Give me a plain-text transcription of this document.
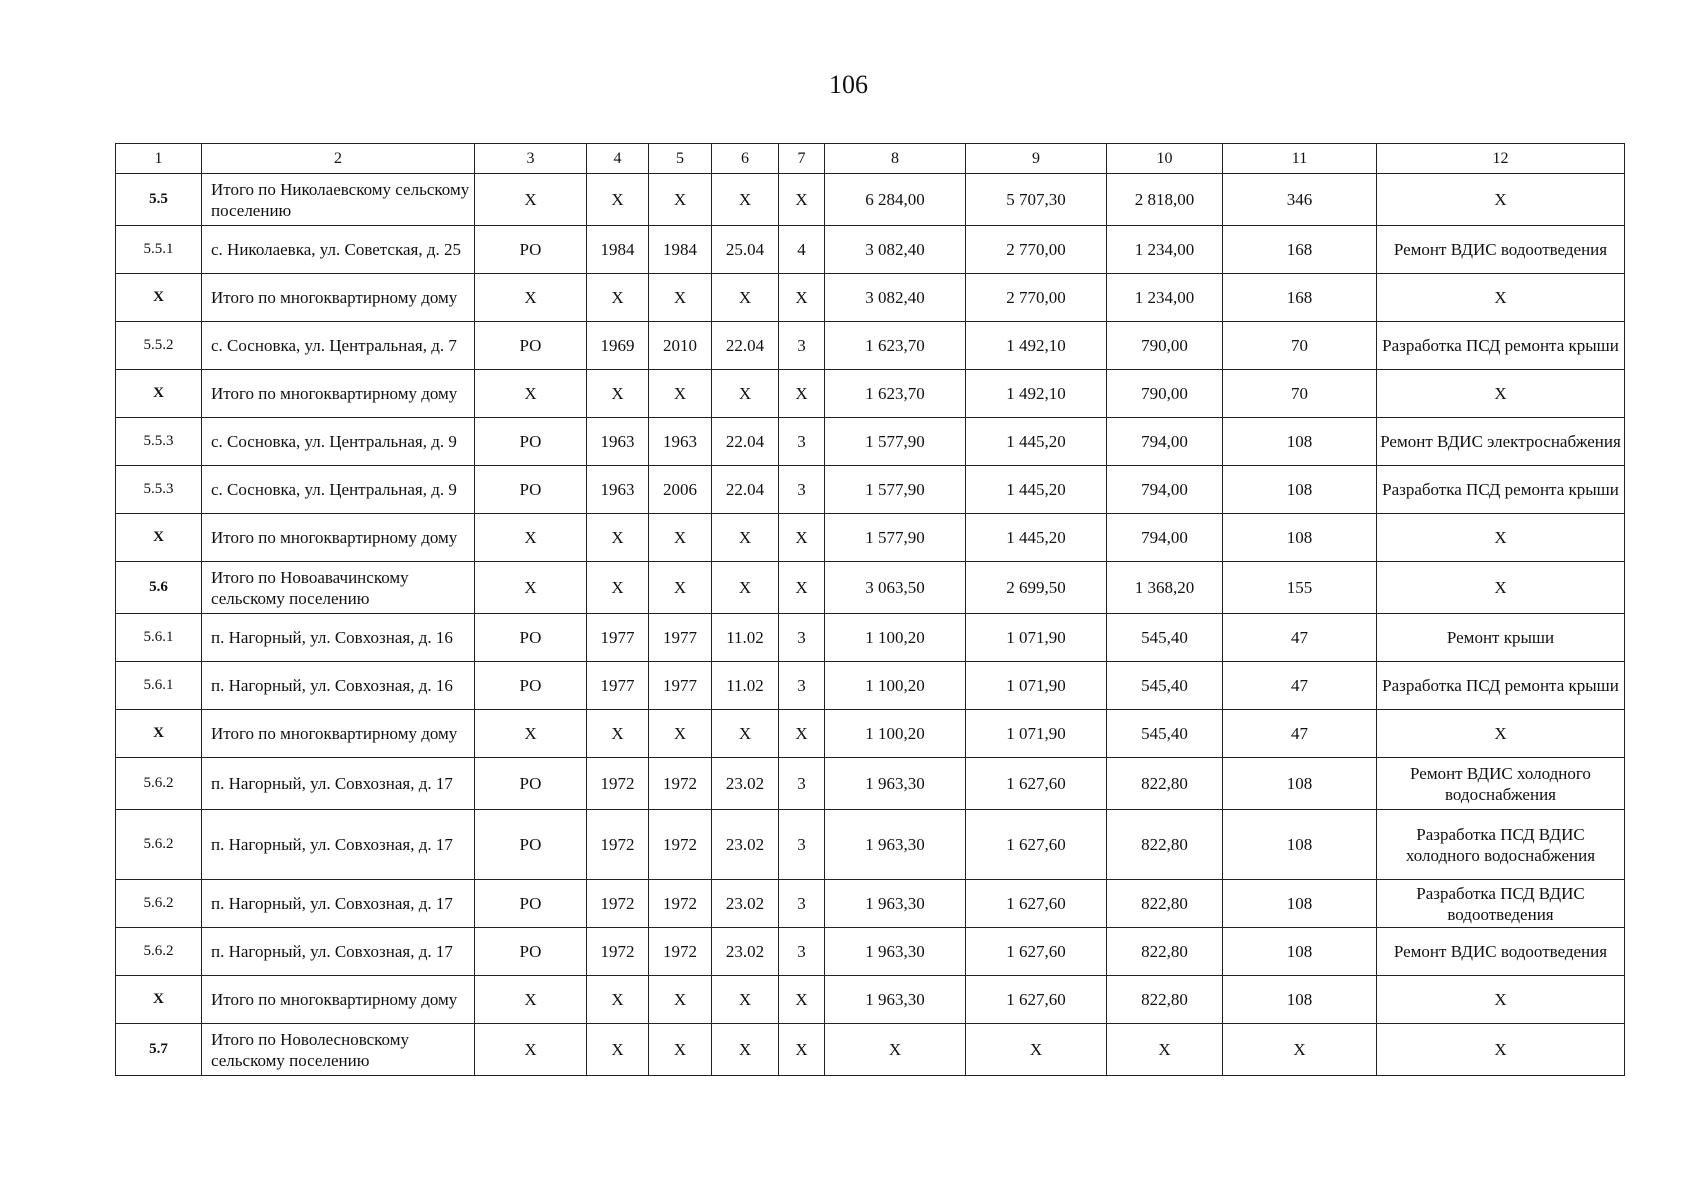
106
1	2	3	4	5	6	7	8	9	10	11	12
5.5	Итого по Николаевскому сельскому поселению	X	X	X	X	X	6 284,00	5 707,30	2 818,00	346	X
5.5.1	с. Николаевка, ул. Советская, д. 25	РО	1984	1984	25.04	4	3 082,40	2 770,00	1 234,00	168	Ремонт ВДИС водоотведения
X	Итого по многоквартирному дому	X	X	X	X	X	3 082,40	2 770,00	1 234,00	168	X
5.5.2	с. Сосновка, ул. Центральная, д. 7	РО	1969	2010	22.04	3	1 623,70	1 492,10	790,00	70	Разработка ПСД ремонта крыши
X	Итого по многоквартирному дому	X	X	X	X	X	1 623,70	1 492,10	790,00	70	X
5.5.3	с. Сосновка, ул. Центральная, д. 9	РО	1963	1963	22.04	3	1 577,90	1 445,20	794,00	108	Ремонт ВДИС электроснабжения
5.5.3	с. Сосновка, ул. Центральная, д. 9	РО	1963	2006	22.04	3	1 577,90	1 445,20	794,00	108	Разработка ПСД ремонта крыши
X	Итого по многоквартирному дому	X	X	X	X	X	1 577,90	1 445,20	794,00	108	X
5.6	Итого по Новоавачинскому сельскому поселению	X	X	X	X	X	3 063,50	2 699,50	1 368,20	155	X
5.6.1	п. Нагорный, ул. Совхозная, д. 16	РО	1977	1977	11.02	3	1 100,20	1 071,90	545,40	47	Ремонт крыши
5.6.1	п. Нагорный, ул. Совхозная, д. 16	РО	1977	1977	11.02	3	1 100,20	1 071,90	545,40	47	Разработка ПСД ремонта крыши
X	Итого по многоквартирному дому	X	X	X	X	X	1 100,20	1 071,90	545,40	47	X
5.6.2	п. Нагорный, ул. Совхозная, д. 17	РО	1972	1972	23.02	3	1 963,30	1 627,60	822,80	108	Ремонт ВДИС холодного водоснабжения
5.6.2	п. Нагорный, ул. Совхозная, д. 17	РО	1972	1972	23.02	3	1 963,30	1 627,60	822,80	108	Разработка ПСД ВДИС холодного водоснабжения
5.6.2	п. Нагорный, ул. Совхозная, д. 17	РО	1972	1972	23.02	3	1 963,30	1 627,60	822,80	108	Разработка ПСД ВДИС водоотведения
5.6.2	п. Нагорный, ул. Совхозная, д. 17	РО	1972	1972	23.02	3	1 963,30	1 627,60	822,80	108	Ремонт ВДИС водоотведения
X	Итого по многоквартирному дому	X	X	X	X	X	1 963,30	1 627,60	822,80	108	X
5.7	Итого по Новолесновскому сельскому поселению	X	X	X	X	X	X	X	X	X	X
